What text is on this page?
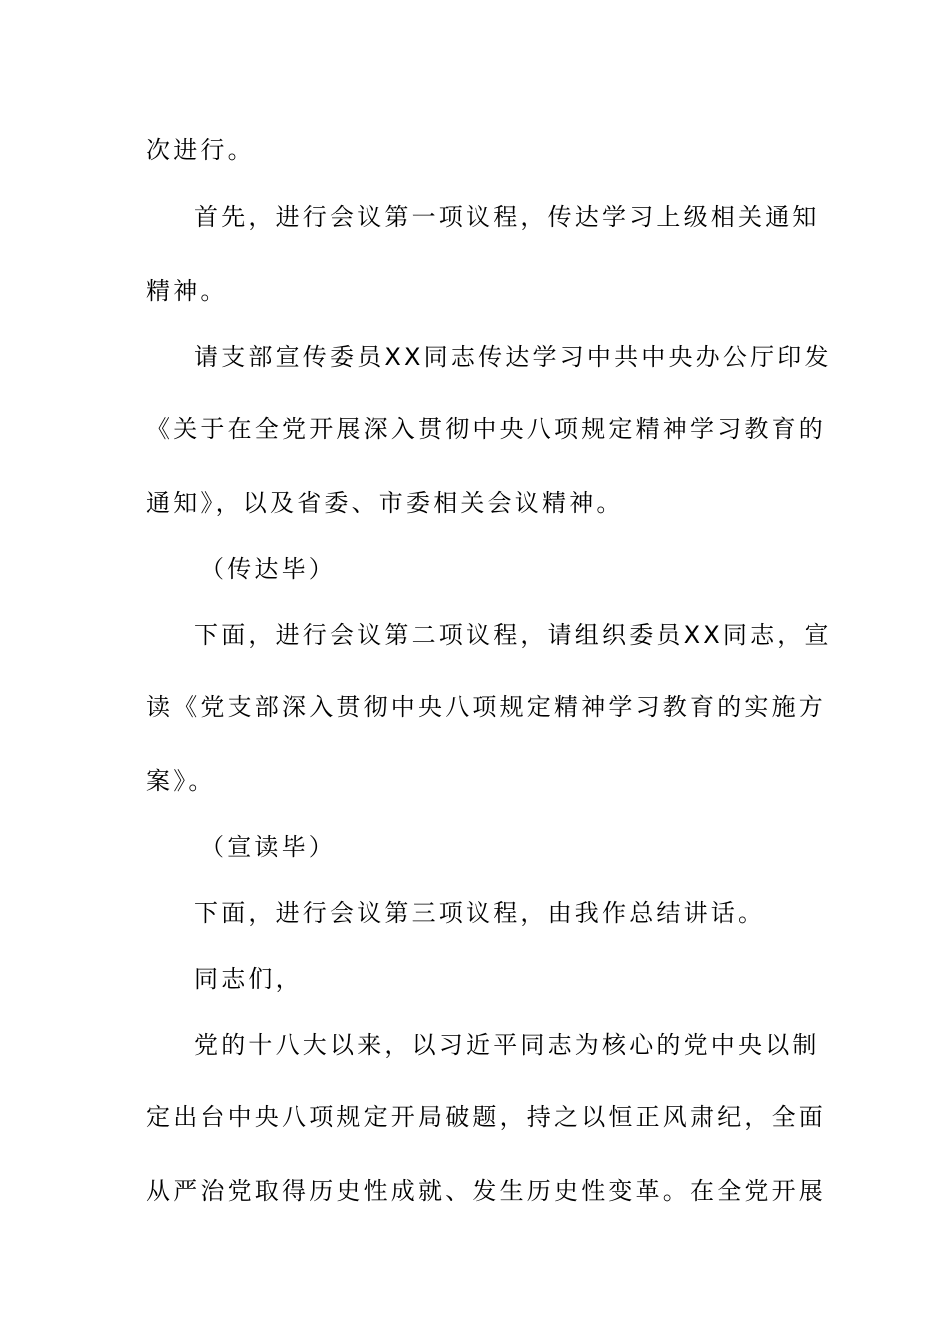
次进行。
首先，进行会议第一项议程，传达学习上级相关通知
精神。
请支部宣传委员XX同志传达学习中共中央办公厅印发
《关于在全党开展深入贯彻中央八项规定精神学习教育的
通知》，以及省委、市委相关会议精神。
（传达毕）
下面，进行会议第二项议程，请组织委员XX同志，宣
读《党支部深入贯彻中央八项规定精神学习教育的实施方
案》。
（宣读毕）
下面，进行会议第三项议程，由我作总结讲话。
同志们，
党的十八大以来，以习近平同志为核心的党中央以制
定出台中央八项规定开局破题，持之以恒正风肃纪，全面
从严治党取得历史性成就、发生历史性变革。在全党开展
